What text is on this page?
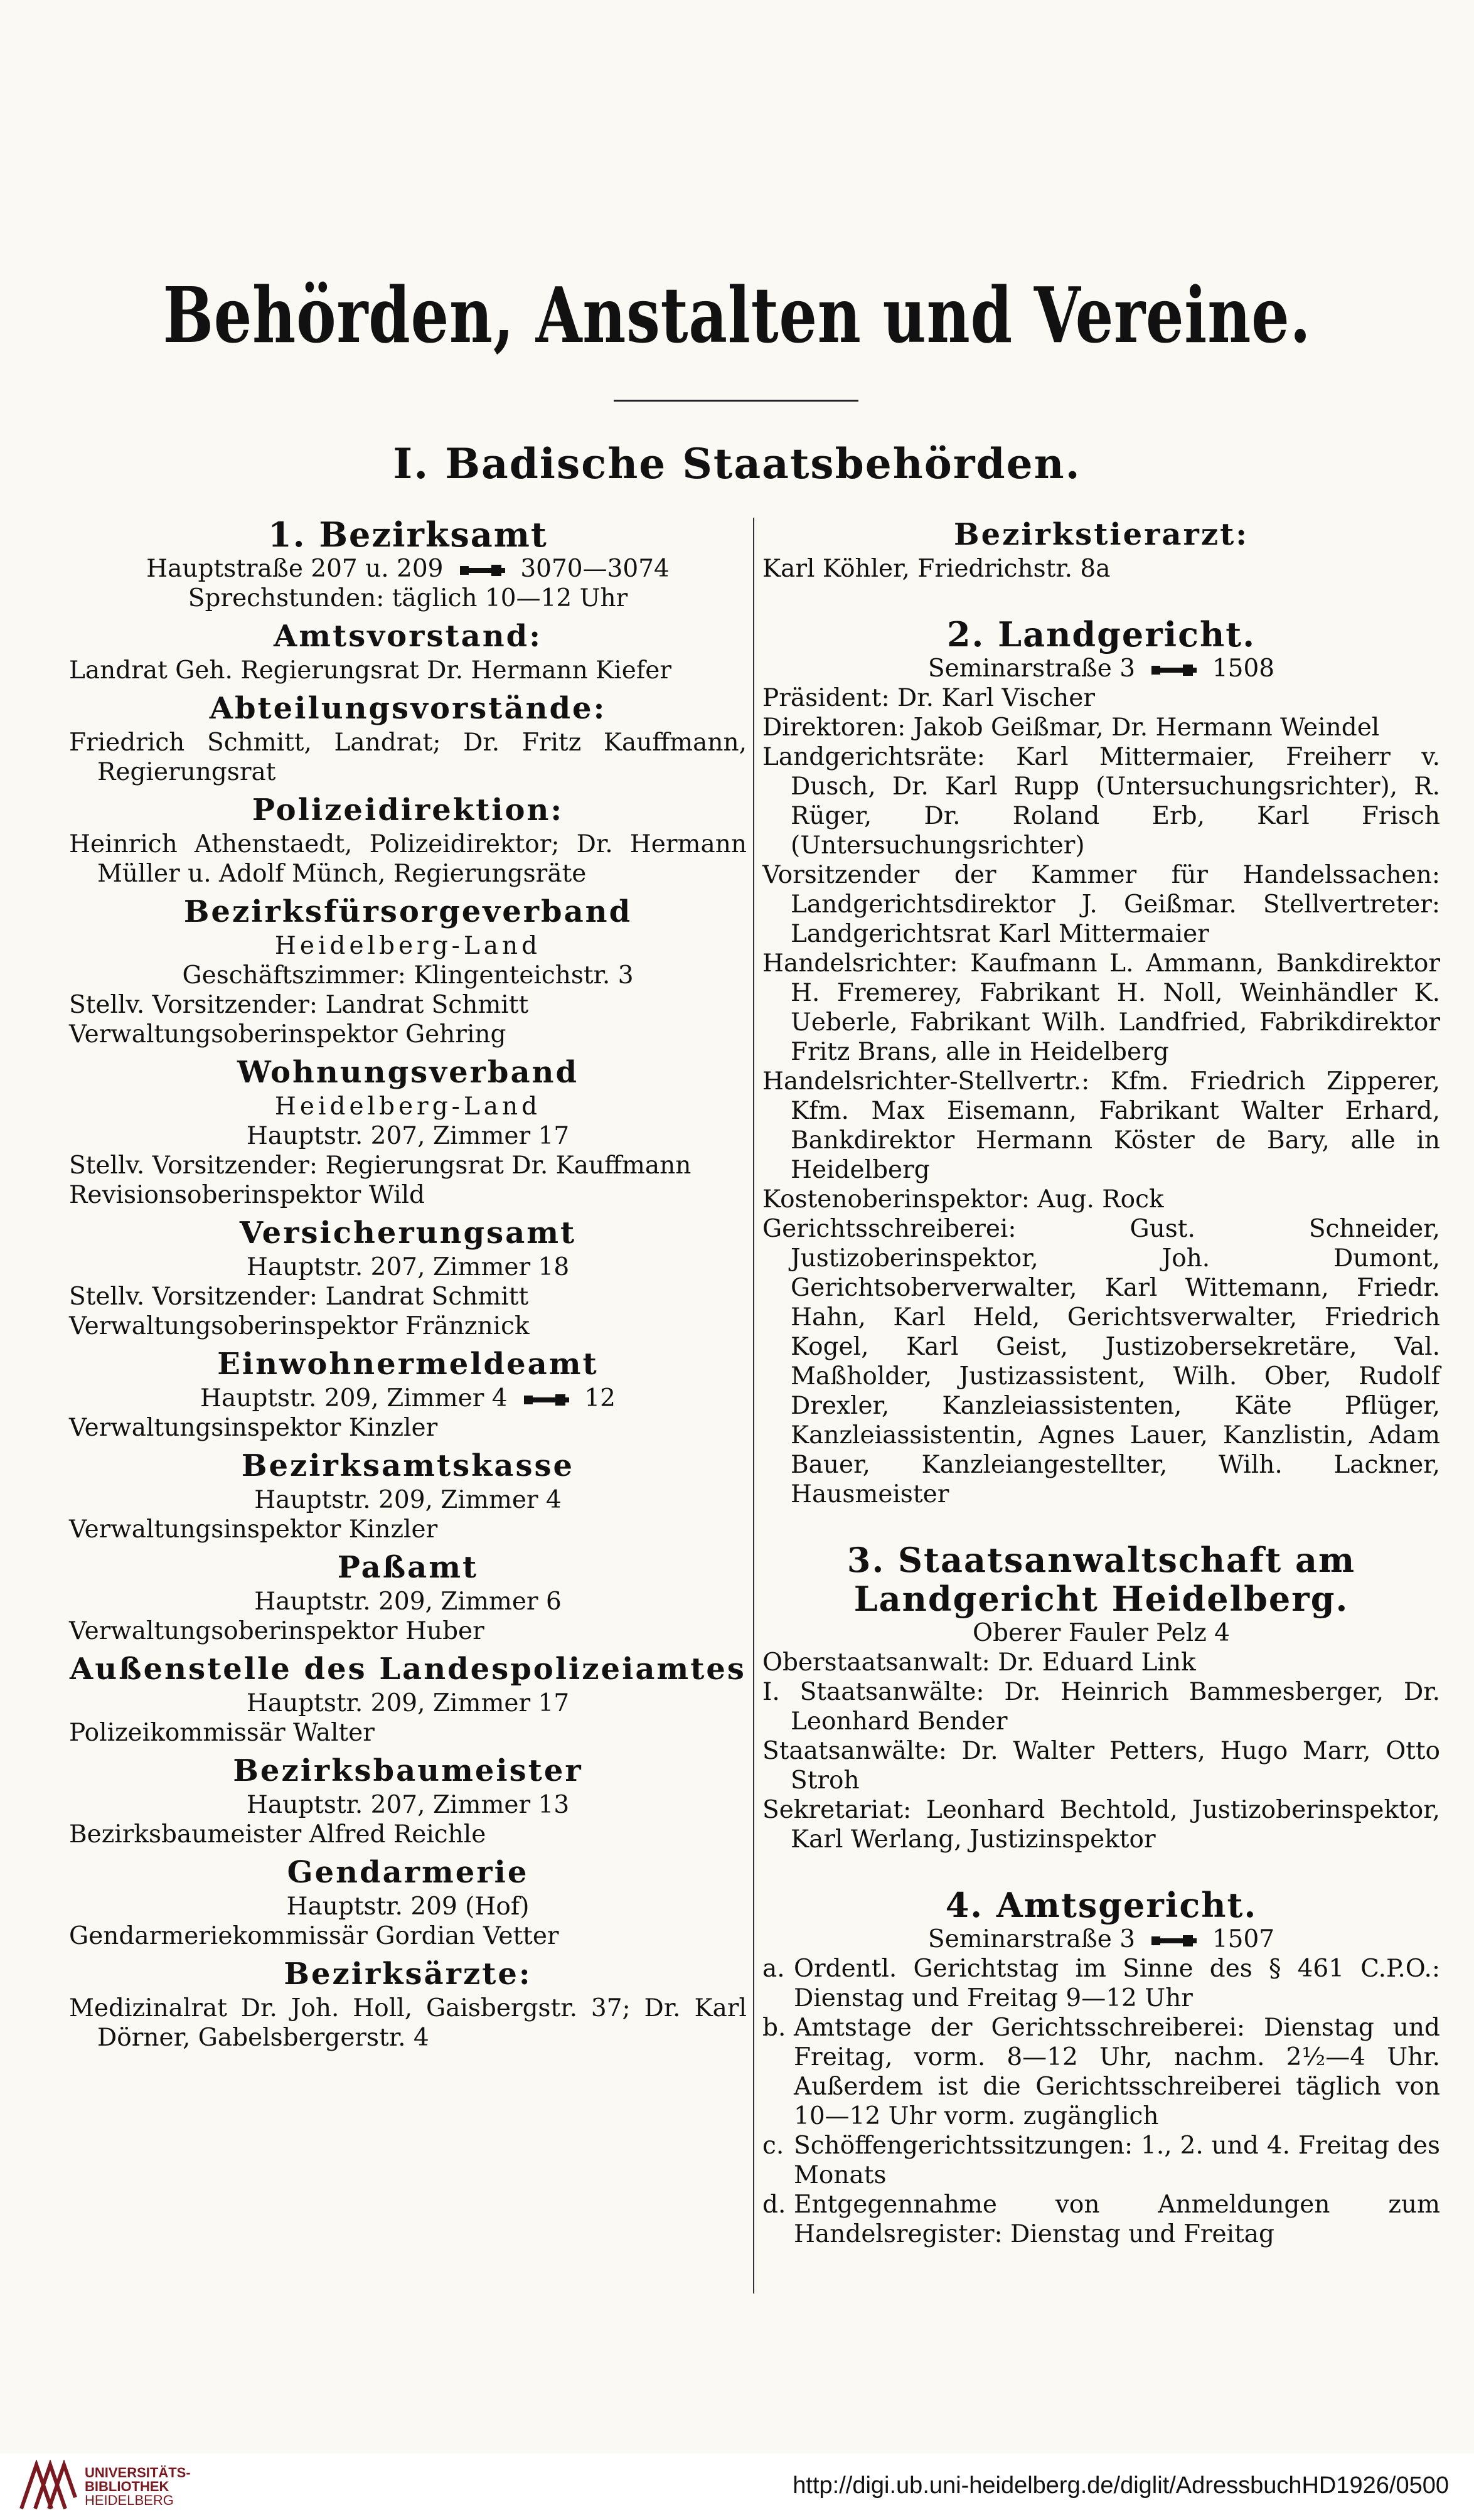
Behörden, Anstalten und Vereine.
I. Badische Staatsbehörden.
1. Bezirksamt
Hauptstraße 207 u. 209	3070—3074
Sprechstunden: täglich 10—12 Uhr
Amtsvorstand:
Landrat Geh. Regierungsrat Dr. Hermann Kiefer
Abteilungsvorstände:
Friedrich Schmitt, Landrat; Dr. Fritz Kauffmann, Regierungsrat
Polizeidirektion:
Heinrich Athenstaedt, Polizeidirektor; Dr. Hermann Müller u. Adolf Münch, Regierungsräte
Bezirksfürsorgeverband
Heidelberg-Land
Geschäftszimmer: Klingenteichstr. 3
Stellv. Vorsitzender: Landrat Schmitt
Verwaltungsoberinspektor Gehring
Wohnungsverband
Heidelberg-Land
Hauptstr. 207, Zimmer 17
Stellv. Vorsitzender: Regierungsrat Dr. Kauffmann
Revisionsoberinspektor Wild
Versicherungsamt
Hauptstr. 207, Zimmer 18
Stellv. Vorsitzender: Landrat Schmitt
Verwaltungsoberinspektor Fränznick
Einwohnermeldeamt
Hauptstr. 209, Zimmer 4	12
Verwaltungsinspektor Kinzler
Bezirksamtskasse
Hauptstr. 209, Zimmer 4
Verwaltungsinspektor Kinzler
Paßamt
Hauptstr. 209, Zimmer 6
Verwaltungsoberinspektor Huber
Außenstelle des Landespolizeiamtes
Hauptstr. 209, Zimmer 17
Polizeikommissär Walter
Bezirksbaumeister
Hauptstr. 207, Zimmer 13
Bezirksbaumeister Alfred Reichle
Gendarmerie
Hauptstr. 209 (Hof)
Gendarmeriekommissär Gordian Vetter
Bezirksärzte:
Medizinalrat Dr. Joh. Holl, Gaisbergstr. 37; Dr. Karl Dörner, Gabelsbergerstr. 4
Bezirkstierarzt:
Karl Köhler, Friedrichstr. 8a
2. Landgericht.
Seminarstraße 3	1508
Präsident: Dr. Karl Vischer
Direktoren: Jakob Geißmar, Dr. Hermann Weindel
Landgerichtsräte: Karl Mittermaier, Freiherr v. Dusch, Dr. Karl Rupp (Untersuchungsrichter), R. Rüger, Dr. Roland Erb, Karl Frisch (Untersuchungsrichter)
Vorsitzender der Kammer für Handelssachen: Landgerichtsdirektor J. Geißmar. Stellvertreter: Landgerichtsrat Karl Mittermaier
Handelsrichter: Kaufmann L. Ammann, Bankdirektor H. Fremerey, Fabrikant H. Noll, Weinhändler K. Ueberle, Fabrikant Wilh. Landfried, Fabrikdirektor Fritz Brans, alle in Heidelberg
Handelsrichter-Stellvertr.: Kfm. Friedrich Zipperer, Kfm. Max Eisemann, Fabrikant Walter Erhard, Bankdirektor Hermann Köster de Bary, alle in Heidelberg
Kostenoberinspektor: Aug. Rock
Gerichtsschreiberei: Gust. Schneider, Justizoberinspektor, Joh. Dumont, Gerichtsoberverwalter, Karl Wittemann, Friedr. Hahn, Karl Held, Gerichtsverwalter, Friedrich Kogel, Karl Geist, Justizobersekretäre, Val. Maßholder, Justizassistent, Wilh. Ober, Rudolf Drexler, Kanzleiassistenten, Käte Pflüger, Kanzleiassistentin, Agnes Lauer, Kanzlistin, Adam Bauer, Kanzleiangestellter, Wilh. Lackner, Hausmeister
3. Staatsanwaltschaft am Landgericht Heidelberg.
Oberer Fauler Pelz 4
Oberstaatsanwalt: Dr. Eduard Link
I. Staatsanwälte: Dr. Heinrich Bammesberger, Dr. Leonhard Bender
Staatsanwälte: Dr. Walter Petters, Hugo Marr, Otto Stroh
Sekretariat: Leonhard Bechtold, Justizoberinspektor, Karl Werlang, Justizinspektor
4. Amtsgericht.
Seminarstraße 3	1507
a. Ordentl. Gerichtstag im Sinne des § 461 C.P.O.: Dienstag und Freitag 9—12 Uhr
b. Amtstage der Gerichtsschreiberei: Dienstag und Freitag, vorm. 8—12 Uhr, nachm. 2½—4 Uhr. Außerdem ist die Gerichtsschreiberei täglich von 10—12 Uhr vorm. zugänglich
c. Schöffengerichtssitzungen: 1., 2. und 4. Freitag des Monats
d. Entgegennahme von Anmeldungen zum Handelsregister: Dienstag und Freitag
UNIVERSITÄTS-
BIBLIOTHEK
HEIDELBERG
http://digi.ub.uni-heidelberg.de/diglit/AdressbuchHD1926/0500
